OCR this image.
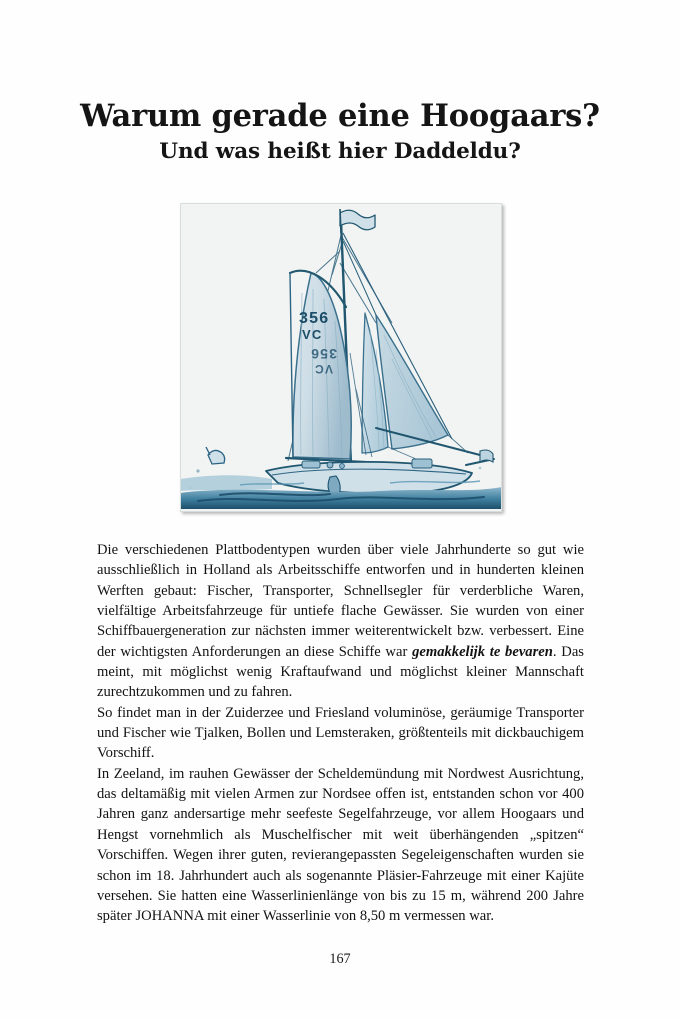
Warum gerade eine Hoogaars?
Und was heißt hier Daddeldu?
356
VC
356
VC

Die verschiedenen Plattbodentypen wurden über viele Jahrhunderte so gut wie ausschließlich in Holland als Arbeitsschiffe entworfen und in hunderten kleinen Werften gebaut: Fischer, Transporter, Schnellsegler für verderbliche Waren, vielfältige Arbeitsfahrzeuge für untiefe flache Gewässer. Sie wurden von einer Schiffbauergeneration zur nächsten immer weiterentwickelt bzw. verbessert. Eine der wichtigsten Anforderungen an diese Schiffe war gemakkelijk te bevaren. Das meint, mit möglichst wenig Kraftaufwand und möglichst kleiner Mannschaft zurechtzukommen und zu fahren.

So findet man in der Zuiderzee und Friesland voluminöse, geräumige Transporter und Fischer wie Tjalken, Bollen und Lemsteraken, größtenteils mit dickbauchigem Vorschiff.

In Zeeland, im rauhen Gewässer der Scheldemündung mit Nordwest Ausrichtung, das deltamäßig mit vielen Armen zur Nordsee offen ist, entstanden schon vor 400 Jahren ganz andersartige mehr seefeste Segelfahrzeuge, vor allem Hoogaars und Hengst vornehmlich als Muschelfischer mit weit überhängenden „spitzen“ Vorschiffen. Wegen ihrer guten, revierangepassten Segeleigenschaften wurden sie schon im 18. Jahrhundert auch als sogenannte Pläsier-Fahrzeuge mit einer Kajüte versehen. Sie hatten eine Wasserlinienlänge von bis zu 15 m, während 200 Jahre später JOHANNA mit einer Wasserlinie von 8,50 m vermessen war.

167
